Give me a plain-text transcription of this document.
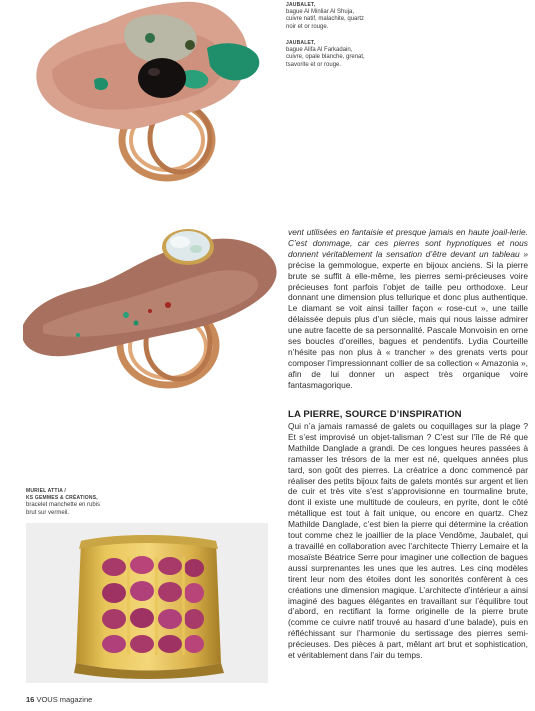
JAUBALET,
bague Al Minliar Al Shuja,
cuivre natif, malachite, quartz
noir et or rouge.
JAUBALET,
bague Alifa Al Farkadain,
cuivre, opale blanche, grenat,
tsavorite et or rouge.

vent utilisées en fantaisie et presque jamais en haute joail-lerie. C’est dommage, car ces pierres sont hypnotiques et nous donnent véritablement la sensation d’être devant un tableau » précise la gemmologue, experte en bijoux anciens. Si la pierre brute se suffit à elle-même, les pierres semi-précieuses voire précieuses font parfois l’objet de taille peu orthodoxe. Leur donnant une dimension plus tellurique et donc plus authentique. Le diamant se voit ainsi tailler façon « rose-cut », une taille délaissée depuis plus d’un siècle, mais qui nous laisse admirer une autre facette de sa personnalité. Pascale Monvoisin en orne ses boucles d’oreilles, bagues et pendentifs. Lydia Courteille n’hésite pas non plus à « trancher » des grenats verts pour composer l’impressionnant collier de sa collection « Amazonia », afin de lui donner un aspect très organique voire fantasmagorique.

LA PIERRE, SOURCE D’INSPIRATION

Qui n’a jamais ramassé de galets ou coquillages sur la plage ? Et s’est improvisé un objet-talisman ? C’est sur l’île de Ré que Mathilde Danglade a grandi. De ces longues heures passées à ramasser les trésors de la mer est né, quelques années plus tard, son goût des pierres. La créatrice a donc commencé par réaliser des petits bijoux faits de galets montés sur argent et lien de cuir et très vite s’est s’approvisionne en tourmaline brute, dont il existe une multitude de couleurs, en pyrite, dont le côté métallique est tout à fait unique, ou encore en quartz. Chez Mathilde Danglade, c’est bien la pierre qui détermine la création tout comme chez le joaillier de la place Vendôme, Jaubalet, qui a travaillé en collaboration avec l’architecte Thierry Lemaire et la mosaïste Béatrice Serre pour imaginer une collection de bagues aussi surprenantes les unes que les autres. Les cinq modèles tirent leur nom des étoiles dont les sonorités confèrent à ces créations une dimension magique. L’architecte d’intérieur a ainsi imaginé des bagues élégantes en travaillant sur l’équilibre tout d’abord, en rectifiant la forme originelle de la pierre brute (comme ce cuivre natif trouvé au hasard d’une balade), puis en réfléchissant sur l’harmonie du sertissage des pierres semi-précieuses. Des pièces à part, mêlant art brut et sophistication, et véritablement dans l’air du temps.

MURIEL ATTIA /
KS GEMMES & CRÉATIONS,
bracelet manchette en rubis
brut sur vermeil.
16 VOUS magazine
